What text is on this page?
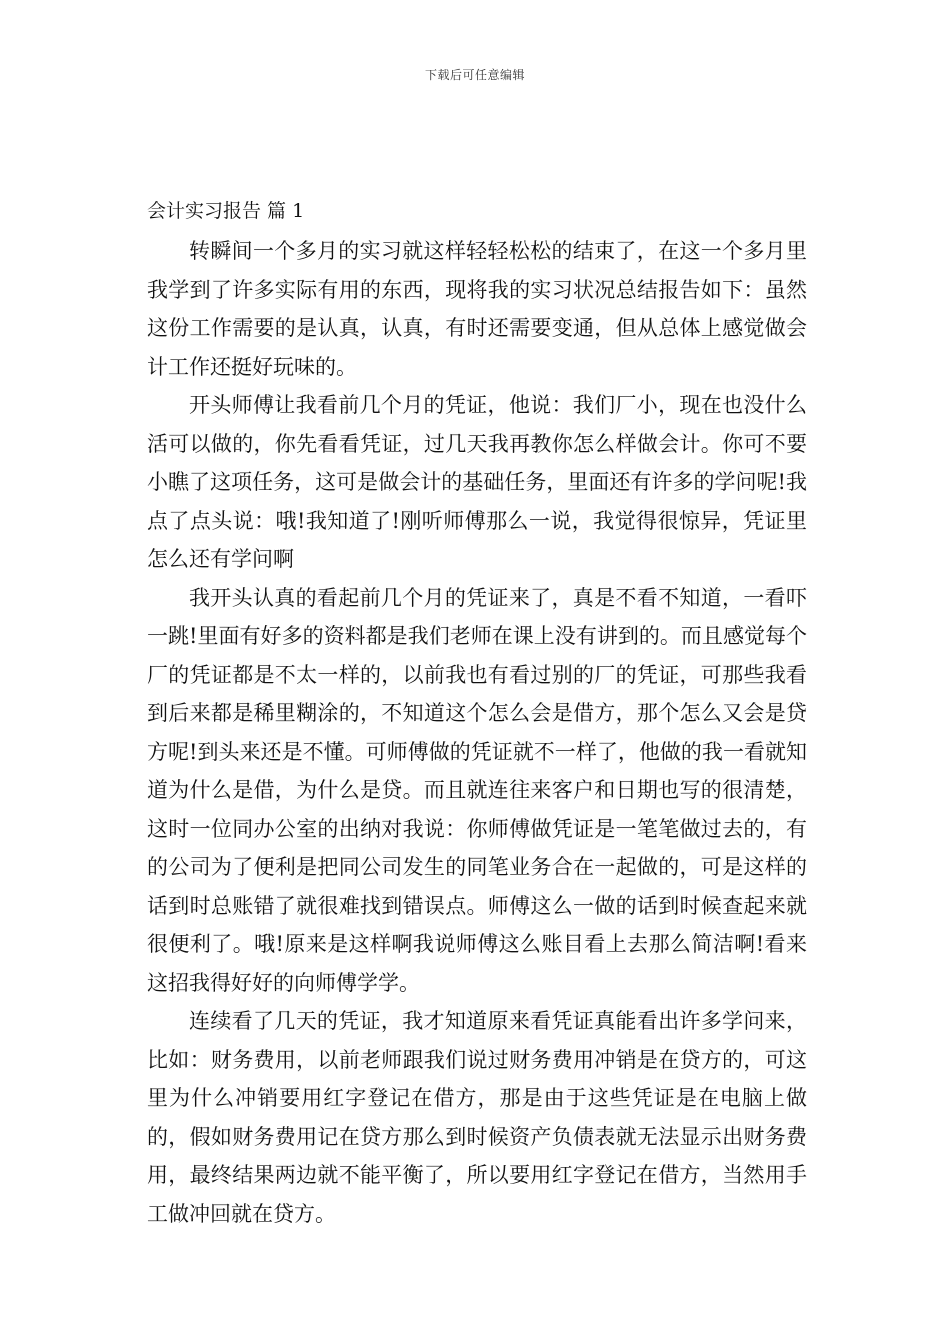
下载后可任意编辑
会计实习报告 篇 1

转瞬间一个多月的实习就这样轻轻松松的结束了，在这一个多月里我学到了许多实际有用的东西，现将我的实习状况总结报告如下：虽然这份工作需要的是认真，认真，有时还需要变通，但从总体上感觉做会计工作还挺好玩味的。

开头师傅让我看前几个月的凭证，他说：我们厂小，现在也没什么活可以做的，你先看看凭证，过几天我再教你怎么样做会计。你可不要小瞧了这项任务，这可是做会计的基础任务，里面还有许多的学问呢!我点了点头说：哦!我知道了!刚听师傅那么一说，我觉得很惊异，凭证里怎么还有学问啊

我开头认真的看起前几个月的凭证来了，真是不看不知道，一看吓一跳!里面有好多的资料都是我们老师在课上没有讲到的。而且感觉每个厂的凭证都是不太一样的，以前我也有看过别的厂的凭证，可那些我看到后来都是稀里糊涂的，不知道这个怎么会是借方，那个怎么又会是贷方呢!到头来还是不懂。可师傅做的凭证就不一样了，他做的我一看就知道为什么是借，为什么是贷。而且就连往来客户和日期也写的很清楚，这时一位同办公室的出纳对我说：你师傅做凭证是一笔笔做过去的，有的公司为了便利是把同公司发生的同笔业务合在一起做的，可是这样的话到时总账错了就很难找到错误点。师傅这么一做的话到时候查起来就很便利了。哦!原来是这样啊我说师傅这么账目看上去那么简洁啊!看来这招我得好好的向师傅学学。

连续看了几天的凭证，我才知道原来看凭证真能看出许多学问来，比如：财务费用，以前老师跟我们说过财务费用冲销是在贷方的，可这里为什么冲销要用红字登记在借方，那是由于这些凭证是在电脑上做的，假如财务费用记在贷方那么到时候资产负债表就无法显示出财务费用，最终结果两边就不能平衡了，所以要用红字登记在借方，当然用手工做冲回就在贷方。
